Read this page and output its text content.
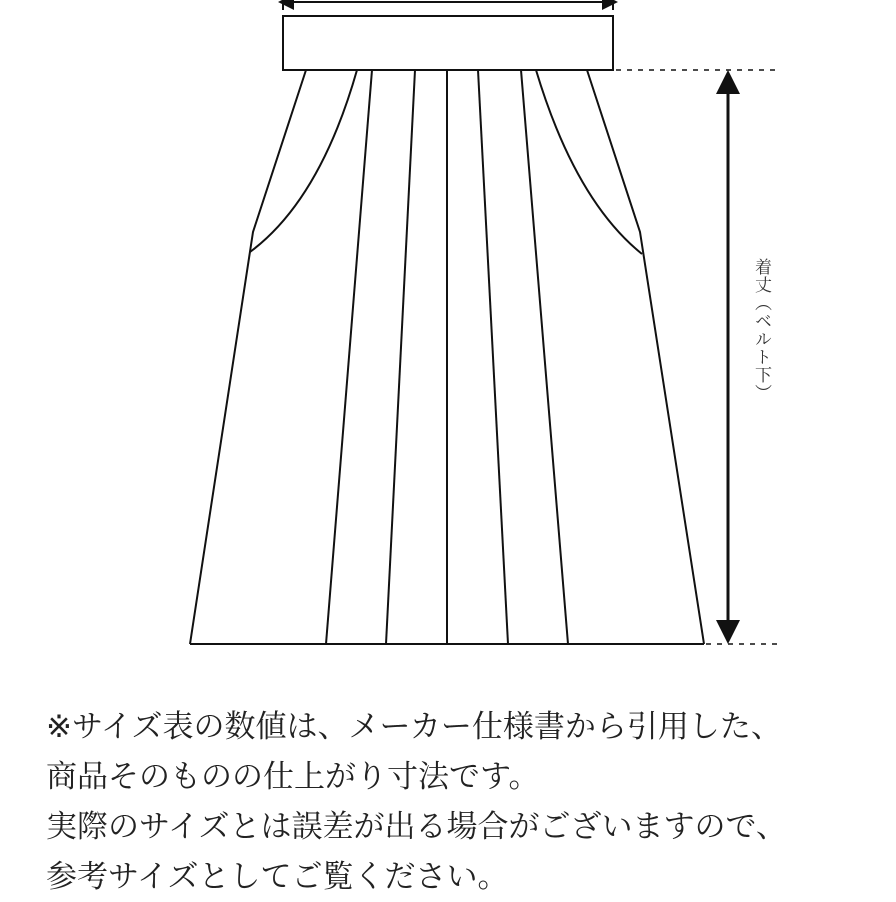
着丈（ベルト下）
※サイズ表の数値は、メーカー仕様書から引用した、
商品そのものの仕上がり寸法です。
実際のサイズとは誤差が出る場合がございますので、
参考サイズとしてご覧ください。
